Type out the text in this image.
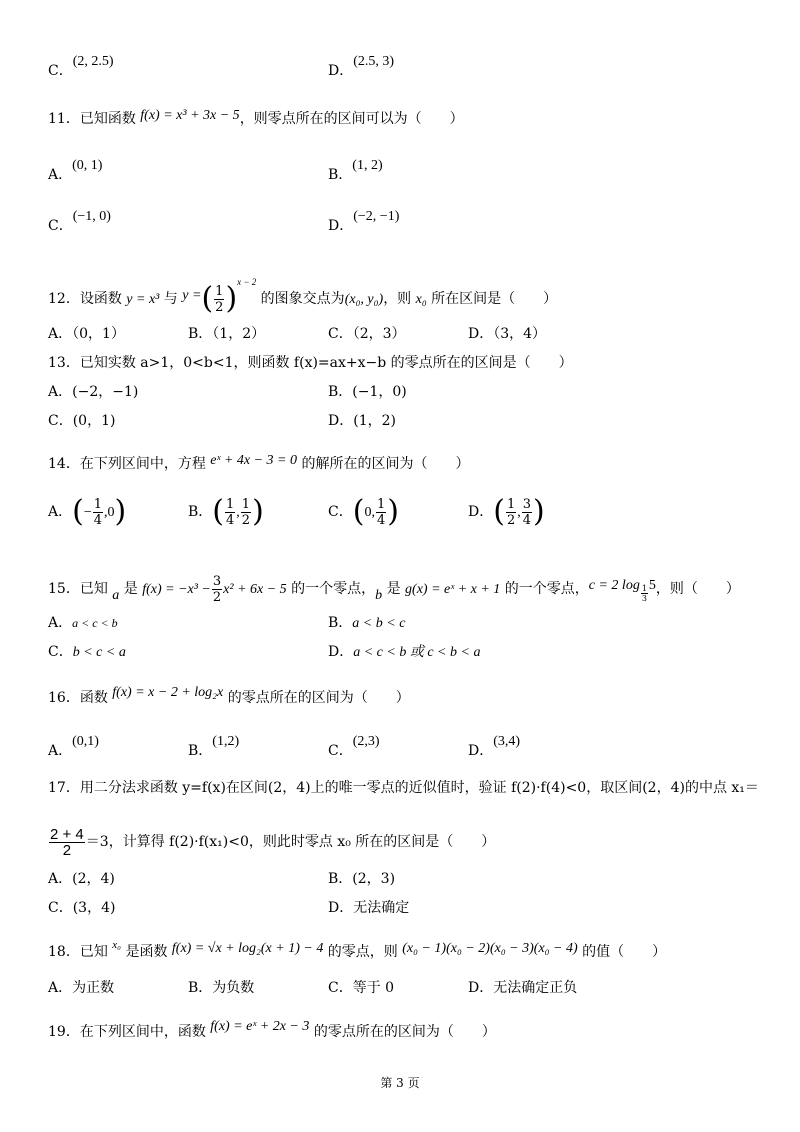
C．(2, 2.5)
D．(2.5, 3)
11．已知函数 f(x) = x³ + 3x − 5，则零点所在的区间可以为（　　）
A．(0, 1)
B．(1, 2)
C．(−1, 0)
D．(−2, −1)
12．设函数 y = x³ 与 y =( $\frac{1}{2} )^{x - 2}$ 的图象交点为(x₀, y₀)，则 x₀ 所在区间是（　　）
A．（0，1）	B．（1，2）	C．（2，3）	D．（3，4）
13．已知实数 a>1，0<b<1，则函数 f(x)=ax+x−b 的零点所在的区间是（　　）
A．(−2，−1)	B．(−1，0)
C．(0，1)	D．(1，2)
14．在下列区间中，方程 eˣ + 4x − 3 = 0 的解所在的区间为（　　）
A．(− $\frac{1}{4} ,0$)	B．( $\frac{1}{4}$ , $\frac{1}{2}$ )	C．(0, $\frac{1}{4}$ )	D．( $\frac{1}{2}$ , $\frac{3}{4}$ )
15．已知 a 是 $f(x) = -x^3 - \frac{3}{2} x^2 + 6x - 5$ 的一个零点，b 是 g(x) = eˣ + x + 1 的一个零点，c = 2 $\log \frac{1}{3} 5$，则（　　）
A．a < c < b	B．a < b < c
C．b < c < a	D．a < c < b 或 c < b < a
16．函数 f(x) = x − 2 + log₂x 的零点所在的区间为（　　）
A．(0,1)
B．(1,2)
C．(2,3)
D．(3,4)
17．用二分法求函数 y=f(x)在区间(2，4)上的唯一零点的近似值时，验证 f(2)·f(4)<0，取区间(2，4)的中点 x₁＝
$\frac{2 + 4}{2} =3$，计算得 f(2)·f(x₁)<0，则此时零点 x₀ 所在的区间是（　　）
A．(2，4)	B．(2，3)
C．(3，4)	D．无法确定
18．已知 $^{x_0}$ 是函数 f(x) = √x + log₂(x + 1) − 4 的零点，则 (x₀ − 1)(x₀ − 2)(x₀ − 3)(x₀ − 4) 的值（　　）
A．为正数	B．为负数	C．等于 0	D．无法确定正负
19．在下列区间中，函数 f(x) = eˣ + 2x − 3 的零点所在的区间为（　　）
第 3 页
